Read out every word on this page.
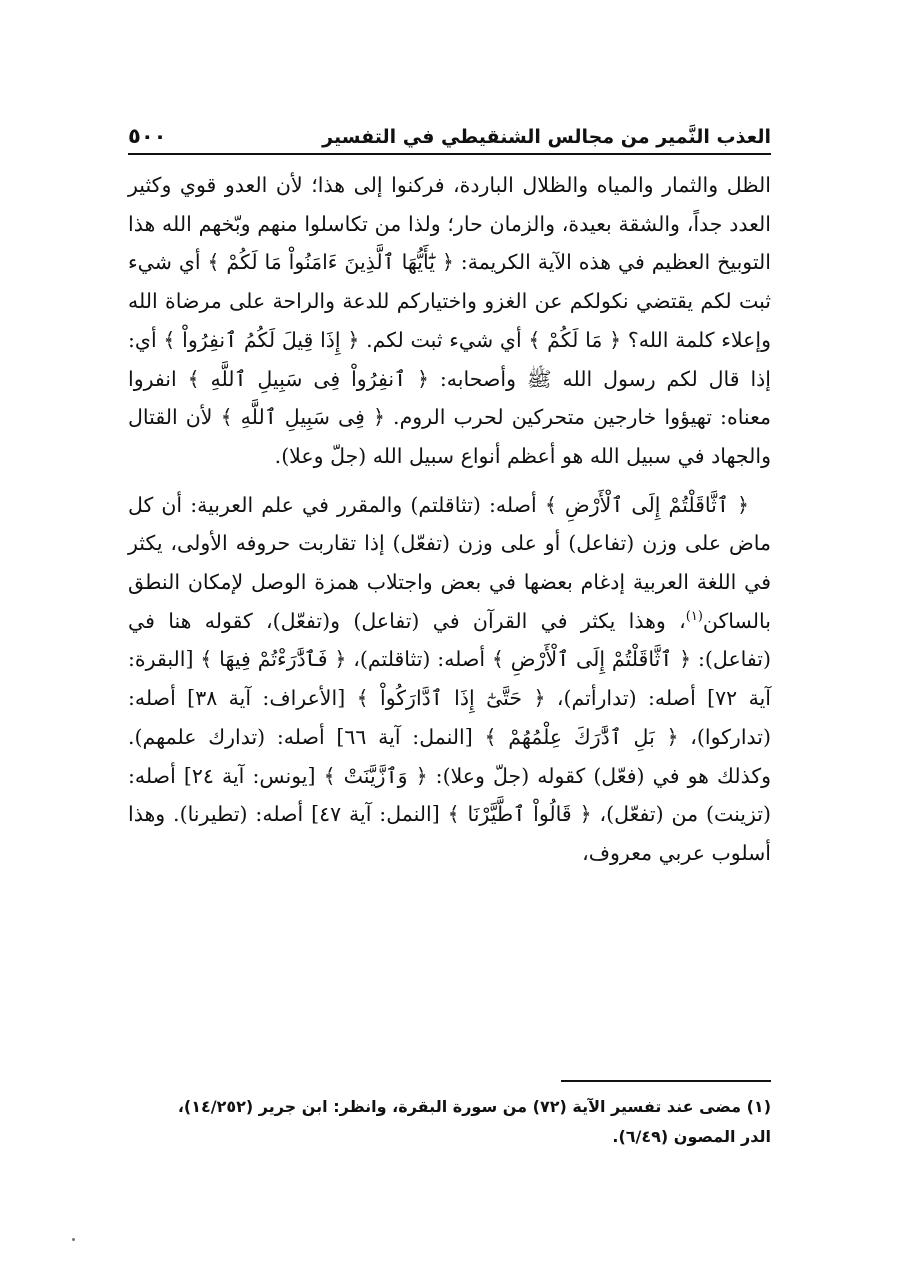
العذب النَّمير من مجالس الشنقيطي في التفسير
٥٠٠

الظل والثمار والمياه والظلال الباردة، فركنوا إلى هذا؛ لأن العدو قوي وكثير العدد جداً، والشقة بعيدة، والزمان حار؛ ولذا من تكاسلوا منهم وبّخهم الله هذا التوبيخ العظيم في هذه الآية الكريمة: ﴿ يَٰٓأَيُّهَا ٱلَّذِينَ ءَامَنُواْ مَا لَكُمْ ﴾ أي شيء ثبت لكم يقتضي نكولكم عن الغزو واختياركم للدعة والراحة على مرضاة الله وإعلاء كلمة الله؟ ﴿ مَا لَكُمْ ﴾ أي شيء ثبت لكم. ﴿ إِذَا قِيلَ لَكُمُ ٱنفِرُواْ ﴾ أي: إذا قال لكم رسول الله ﷺ وأصحابه: ﴿ ٱنفِرُواْ فِى سَبِيلِ ٱللَّهِ ﴾ انفروا معناه: تهيؤوا خارجين متحركين لحرب الروم. ﴿ فِى سَبِيلِ ٱللَّهِ ﴾ لأن القتال والجهاد في سبيل الله هو أعظم أنواع سبيل الله (جلّ وعلا).

﴿ ٱثَّاقَلْتُمْ إِلَى ٱلْأَرْضِ ﴾ أصله: (تثاقلتم) والمقرر في علم العربية: أن كل ماض على وزن (تفاعل) أو على وزن (تفعّل) إذا تقاربت حروفه الأولى، يكثر في اللغة العربية إدغام بعضها في بعض واجتلاب همزة الوصل لإمكان النطق بالساكن$^{(١)}$، وهذا يكثر في القرآن في (تفاعل) و(تفعّل)، كقوله هنا في (تفاعل): ﴿ ٱثَّاقَلْتُمْ إِلَى ٱلْأَرْضِ ﴾ أصله: (تثاقلتم)، ﴿ فَٱدَّٰرَءْتُمْ فِيهَا ﴾ [البقرة: آية ٧٢] أصله: (تدارأتم)، ﴿ حَتَّىٰٓ إِذَا ٱدَّارَكُواْ ﴾ [الأعراف: آية ٣٨] أصله: (تداركوا)، ﴿ بَلِ ٱدَّٰرَكَ عِلْمُهُمْ ﴾ [النمل: آية ٦٦] أصله: (تدارك علمهم). وكذلك هو في (فعّل) كقوله (جلّ وعلا): ﴿ وَٱزَّيَّنَتْ ﴾ [يونس: آية ٢٤] أصله: (تزينت) من (تفعّل)، ﴿ قَالُواْ ٱطَّيَّرْنَا ﴾ [النمل: آية ٤٧] أصله: (تطيرنا). وهذا أسلوب عربي معروف،

(١) مضى عند تفسير الآية (٧٢) من سورة البقرة، وانظر: ابن جرير (١٤/٢٥٢)،
الدر المصون (٦/٤٩).
